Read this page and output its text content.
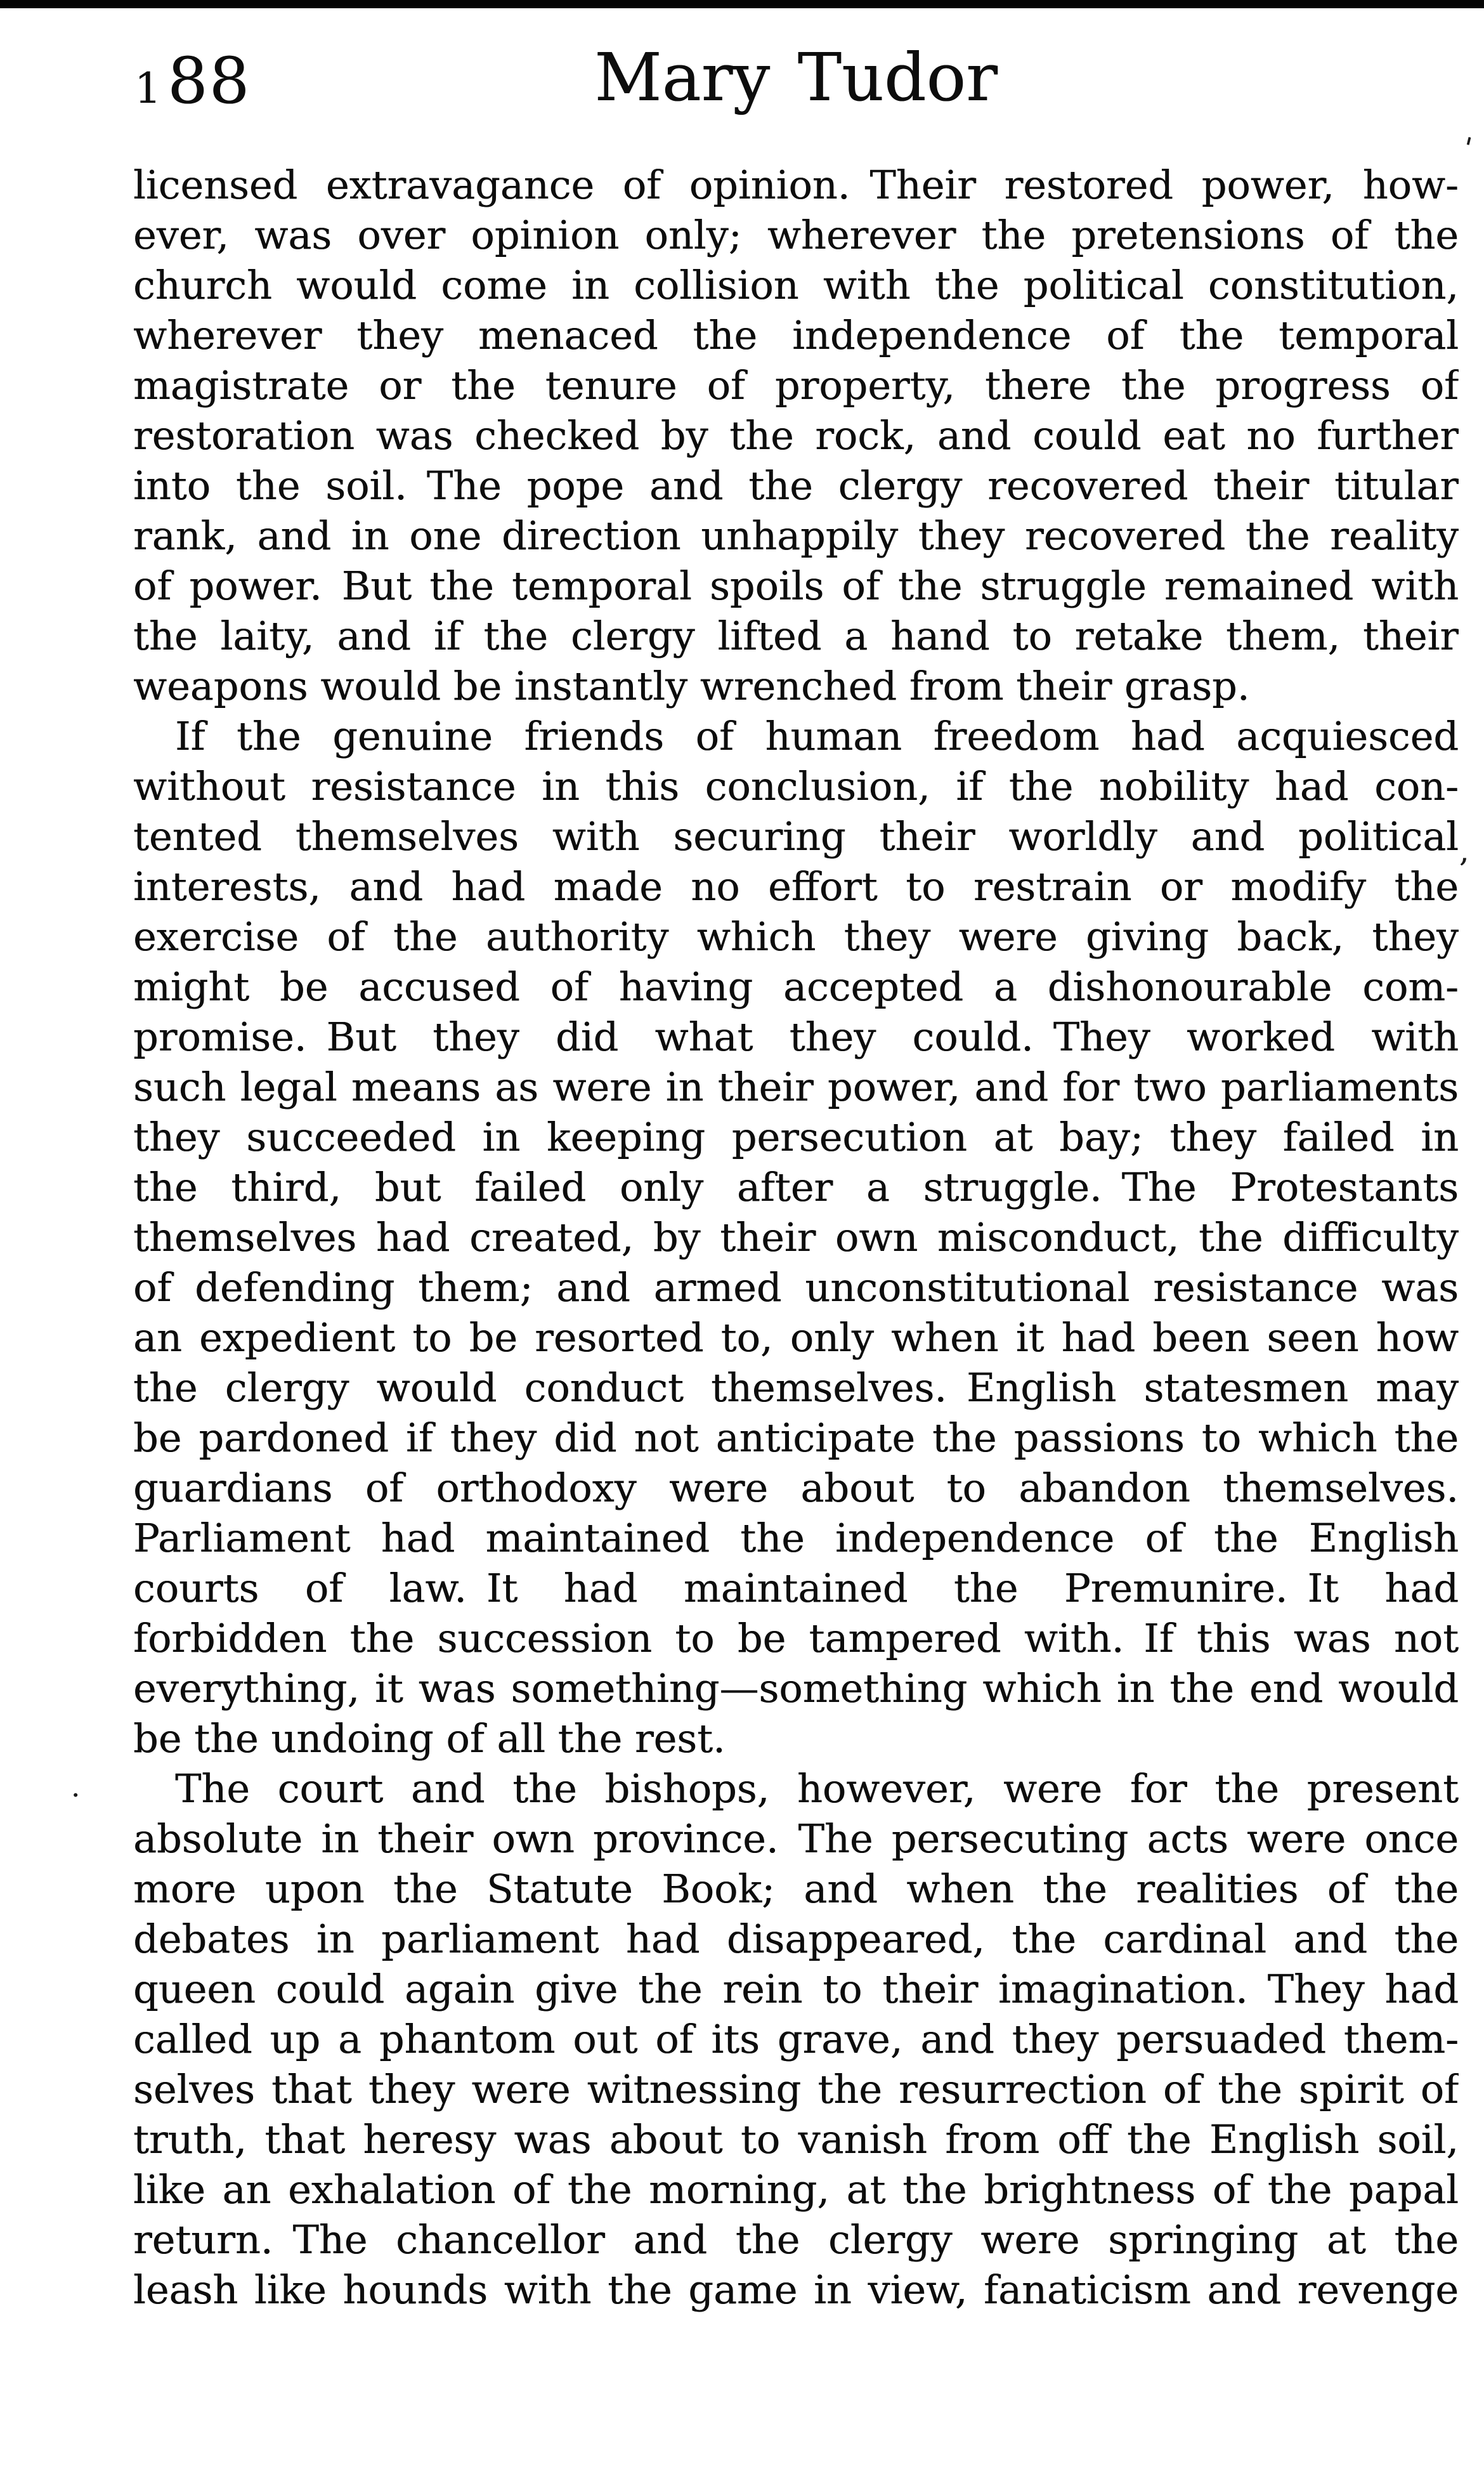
188	Mary Tudor
licensed extravagance of opinion. Their restored power, how-
ever, was over opinion only; wherever the pretensions of the
church would come in collision with the political constitution,
wherever they menaced the independence of the temporal
magistrate or the tenure of property, there the progress of
restoration was checked by the rock, and could eat no further
into the soil. The pope and the clergy recovered their titular
rank, and in one direction unhappily they recovered the reality
of power. But the temporal spoils of the struggle remained with
the laity, and if the clergy lifted a hand to retake them, their
weapons would be instantly wrenched from their grasp.
If the genuine friends of human freedom had acquiesced
without resistance in this conclusion, if the nobility had con-
tented themselves with securing their worldly and political
interests, and had made no effort to restrain or modify the
exercise of the authority which they were giving back, they
might be accused of having accepted a dishonourable com-
promise. But they did what they could. They worked with
such legal means as were in their power, and for two parliaments
they succeeded in keeping persecution at bay; they failed in
the third, but failed only after a struggle. The Protestants
themselves had created, by their own misconduct, the difficulty
of defending them; and armed unconstitutional resistance was
an expedient to be resorted to, only when it had been seen how
the clergy would conduct themselves. English statesmen may
be pardoned if they did not anticipate the passions to which the
guardians of orthodoxy were about to abandon themselves.
Parliament had maintained the independence of the English
courts of law. It had maintained the Premunire. It had
forbidden the succession to be tampered with. If this was not
everything, it was something—something which in the end would
be the undoing of all the rest.
The court and the bishops, however, were for the present
absolute in their own province. The persecuting acts were once
more upon the Statute Book; and when the realities of the
debates in parliament had disappeared, the cardinal and the
queen could again give the rein to their imagination. They had
called up a phantom out of its grave, and they persuaded them-
selves that they were witnessing the resurrection of the spirit of
truth, that heresy was about to vanish from off the English soil,
like an exhalation of the morning, at the brightness of the papal
return. The chancellor and the clergy were springing at the
leash like hounds with the game in view, fanaticism and revenge
'
,
.
